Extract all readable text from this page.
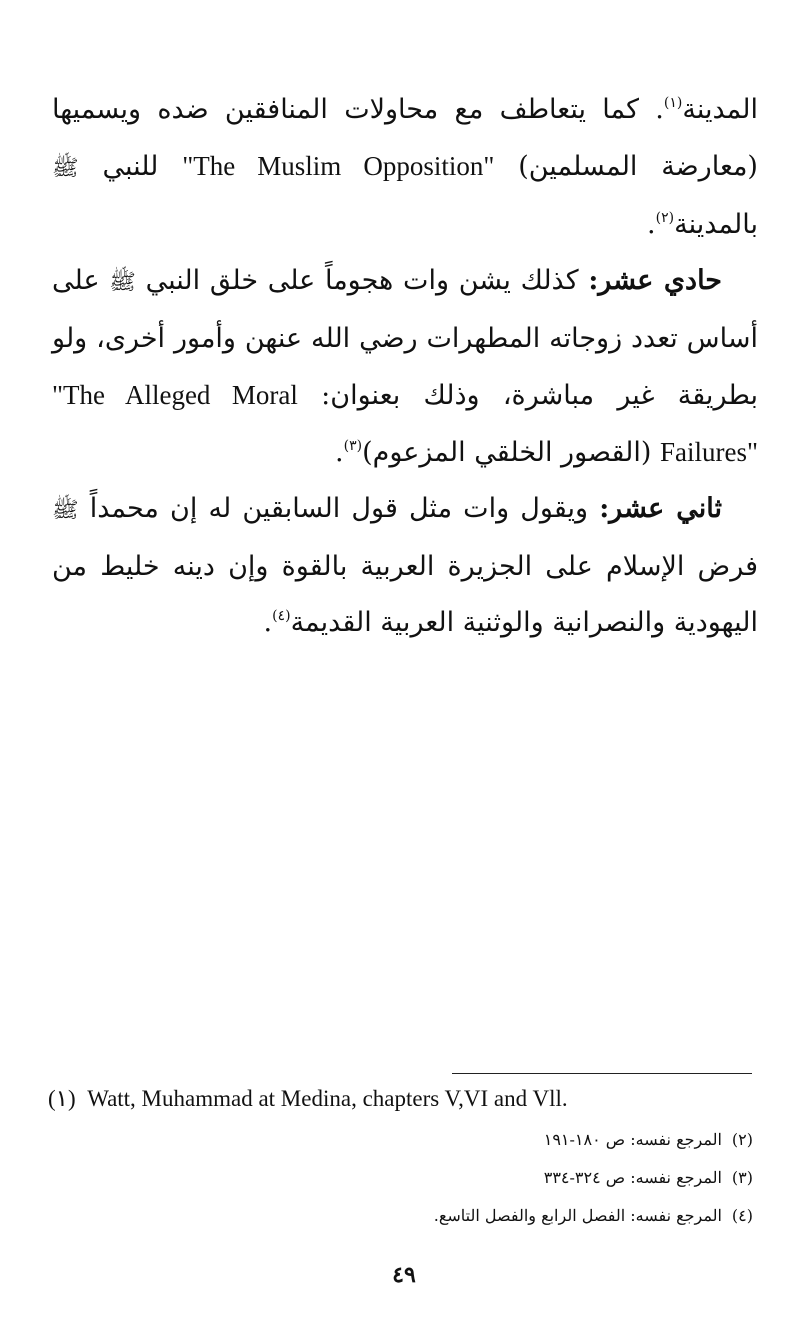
المدينة$^{(١)}$. كما يتعاطف مع محاولات المنافقين ضده ويسميها (معارضة المسلمين) "The Muslim Opposition" للنبي ﷺ بالمدينة$^{(٢)}$.

حادي عشر: كذلك يشن وات هجوماً على خلق النبي ﷺ على أساس تعدد زوجاته المطهرات رضي الله عنهن وأمور أخرى، ولو بطريقة غير مباشرة، وذلك بعنوان: "The Alleged Moral Failures" (القصور الخلقي المزعوم)$^{(٣)}$.

ثاني عشر: ويقول وات مثل قول السابقين له إن محمداً ﷺ فرض الإسلام على الجزيرة العربية بالقوة وإن دينه خليط من اليهودية والنصرانية والوثنية العربية القديمة$^{(٤)}$.

(١) Watt, Muhammad at Medina, chapters V,VI and Vll.
(٢)المرجع نفسه: ص ١٨٠-١٩١
(٣)المرجع نفسه: ص ٣٢٤-٣٣٤
(٤)المرجع نفسه: الفصل الرابع والفصل التاسع.
٤٩
